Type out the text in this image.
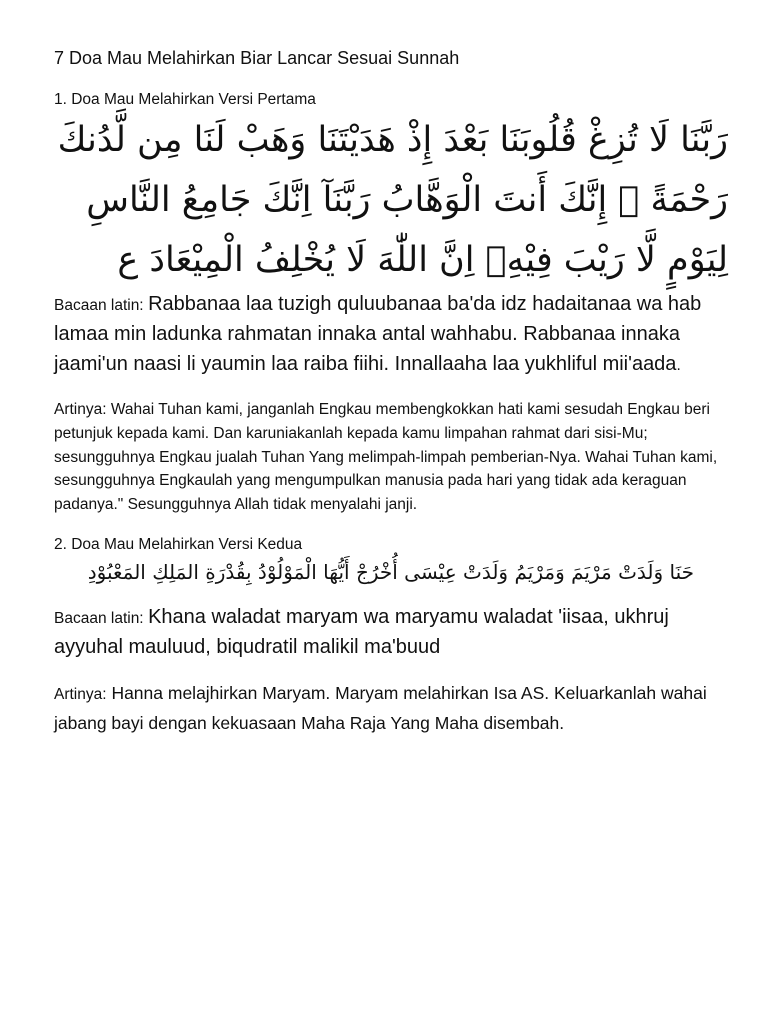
7 Doa Mau Melahirkan Biar Lancar Sesuai Sunnah
1. Doa Mau Melahirkan Versi Pertama

رَبَّنَا لَا تُزِغْ قُلُوبَنَا بَعْدَ إِذْ هَدَيْتَنَا وَهَبْ لَنَا مِن لَّدُنكَ رَحْمَةً ۚ إِنَّكَ أَنتَ الْوَهَّابُ رَبَّنَآ اِنَّكَ جَامِعُ النَّاسِ لِيَوْمٍ لَّا رَيْبَ فِيْهِۗ اِنَّ اللّٰهَ لَا يُخْلِفُ الْمِيْعَادَ ع

Bacaan latin: Rabbanaa laa tuzigh quluubanaa ba'da idz hadaitanaa wa hab lamaa min ladunka rahmatan innaka antal wahhabu. Rabbanaa innaka jaami'un naasi li yaumin laa raiba fiihi. Innallaaha laa yukhliful mii'aada.

Artinya: Wahai Tuhan kami, janganlah Engkau membengkokkan hati kami sesudah Engkau beri petunjuk kepada kami. Dan karuniakanlah kepada kamu limpahan rahmat dari sisi-Mu; sesungguhnya Engkau jualah Tuhan Yang melimpah-limpah pemberian-Nya. Wahai Tuhan kami, sesungguhnya Engkaulah yang mengumpulkan manusia pada hari yang tidak ada keraguan padanya." Sesungguhnya Allah tidak menyalahi janji.

2. Doa Mau Melahirkan Versi Kedua

حَنَا وَلَدَتْ مَرْيَمَ وَمَرْيَمُ وَلَدَتْ عِيْسَى أُخْرُجْ أَيُّهَا الْمَوْلُوْدُ بِقُدْرَةِ المَلِكِ المَعْبُوْدِ

Bacaan latin: Khana waladat maryam wa maryamu waladat 'iisaa, ukhruj ayyuhal mauluud, biqudratil malikil ma'buud

Artinya: Hanna melajhirkan Maryam. Maryam melahirkan Isa AS. Keluarkanlah wahai jabang bayi dengan kekuasaan Maha Raja Yang Maha disembah.
